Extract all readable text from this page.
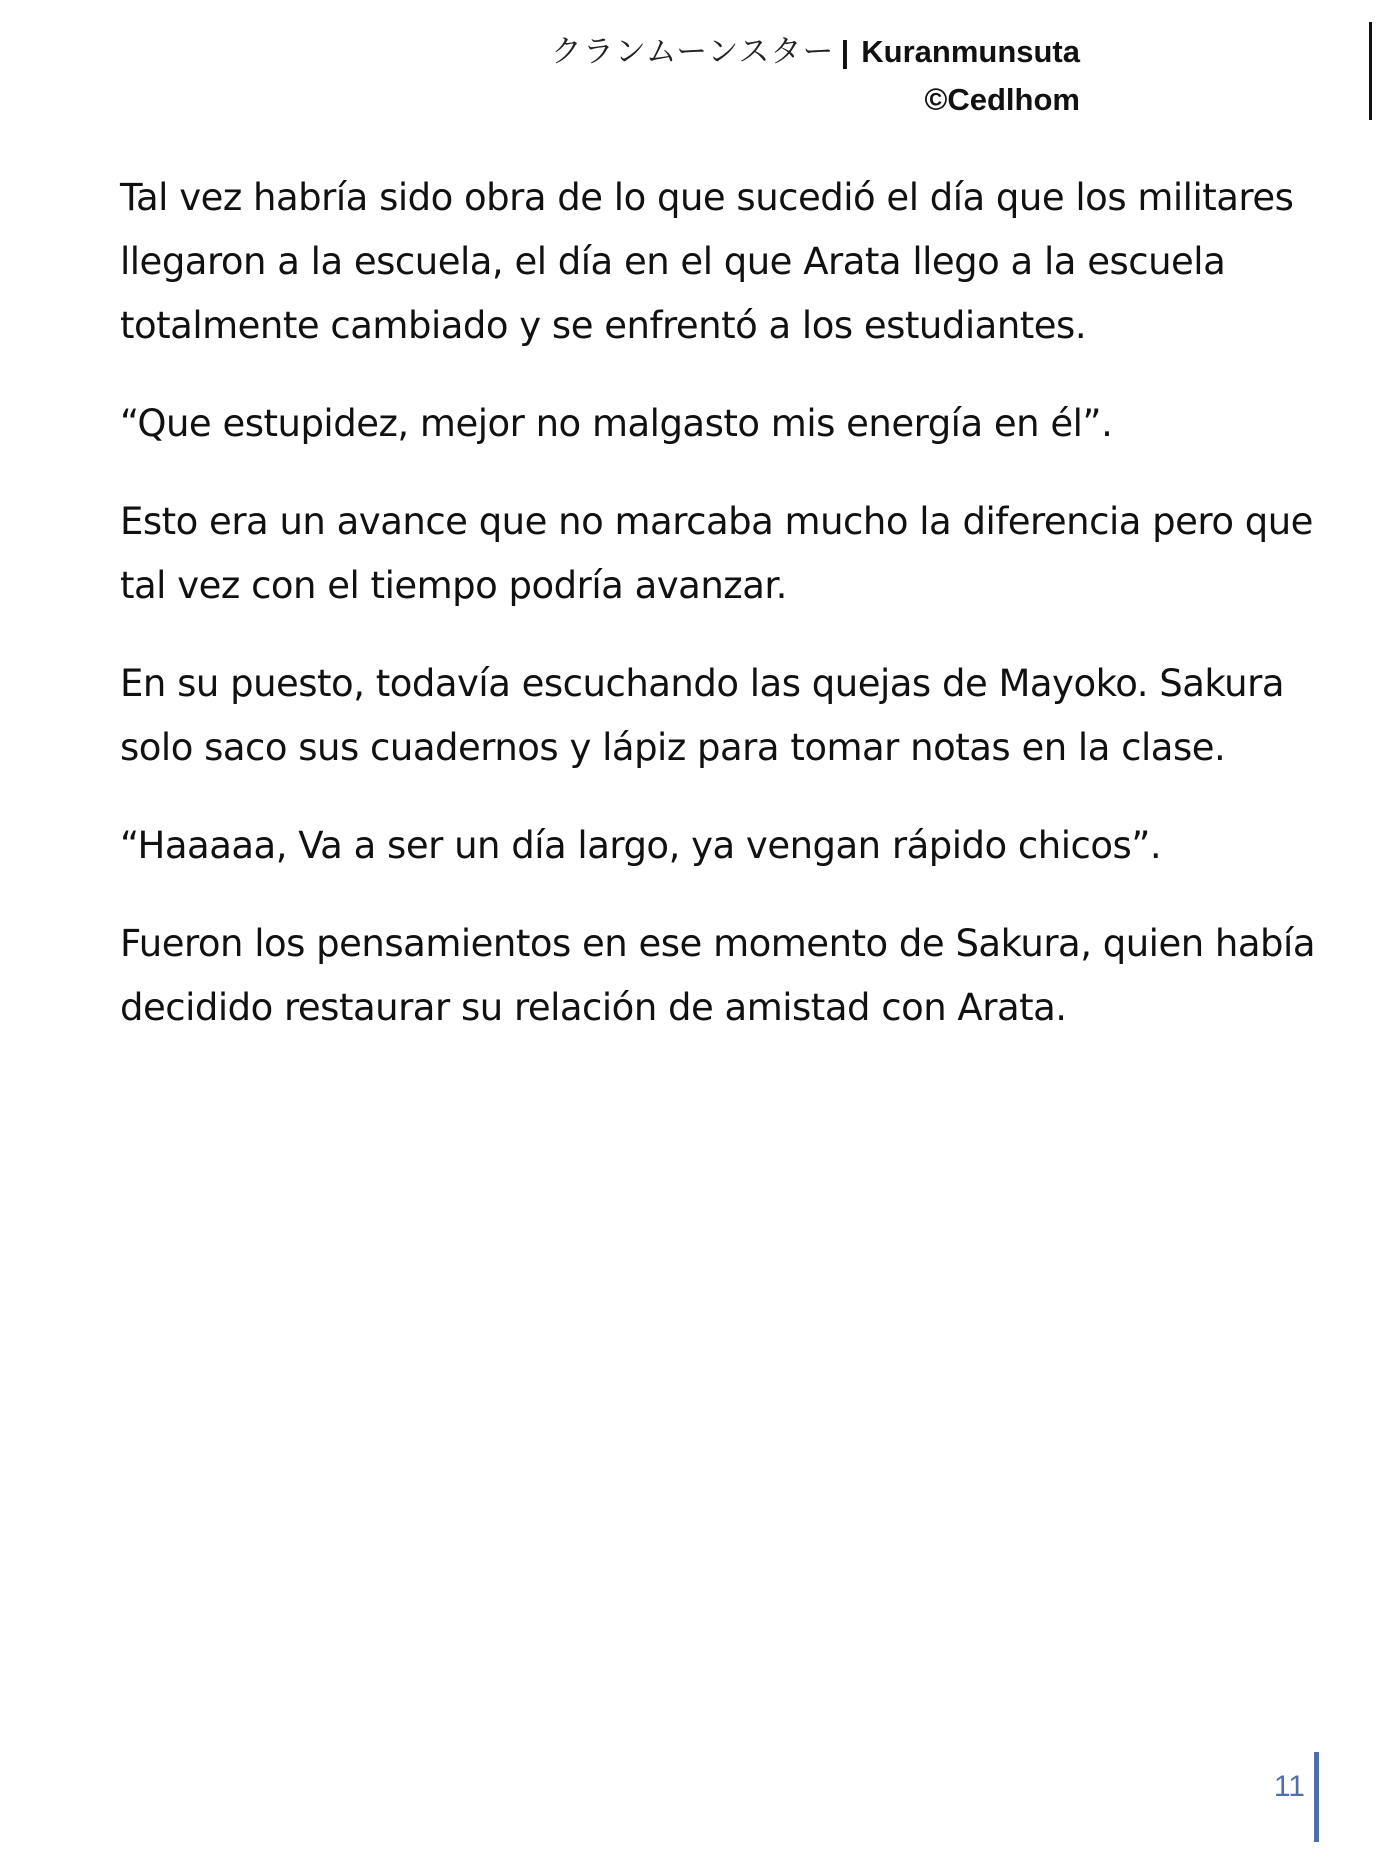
クランムーンスター | Kuranmunsuta
©Cedlhom

Tal vez habría sido obra de lo que sucedió el día que los militares llegaron a la escuela, el día en el que Arata llego a la escuela totalmente cambiado y se enfrentó a los estudiantes.

“Que estupidez, mejor no malgasto mis energía en él”.

Esto era un avance que no marcaba mucho la diferencia pero que tal vez con el tiempo podría avanzar.

En su puesto, todavía escuchando las quejas de Mayoko. Sakura solo saco sus cuadernos y lápiz para tomar notas en la clase.

“Haaaaa, Va a ser un día largo, ya vengan rápido chicos”.

Fueron los pensamientos en ese momento de Sakura, quien había decidido restaurar su relación de amistad con Arata.

11
